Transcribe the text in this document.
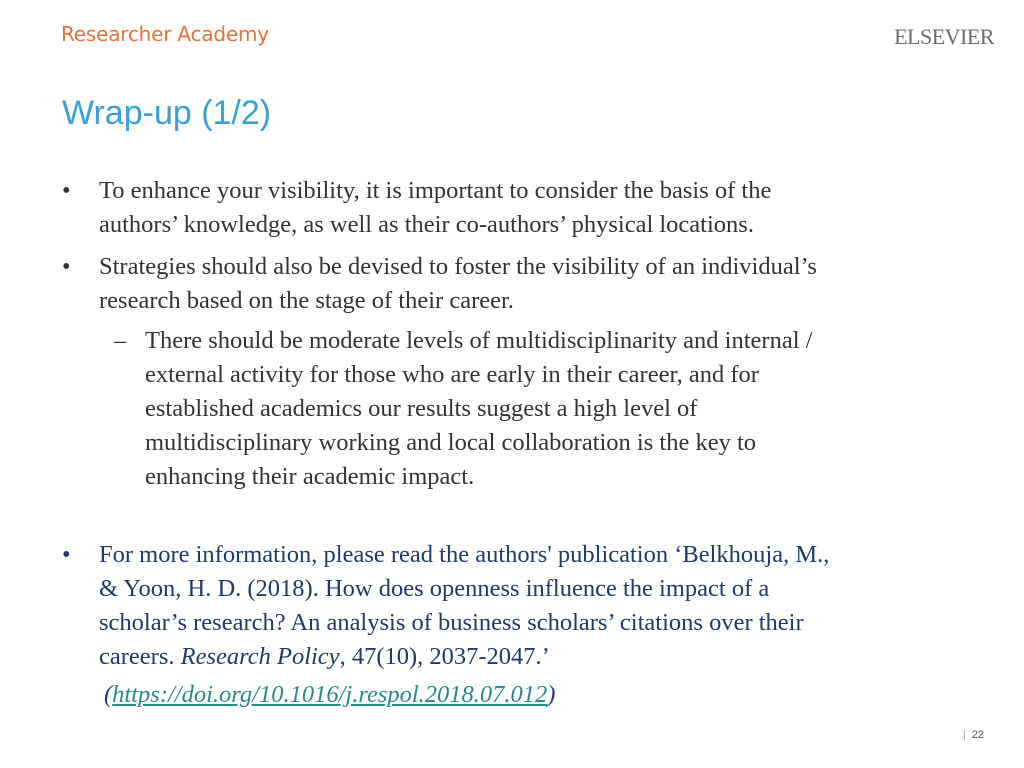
Researcher Academy	ELSEVIER
Wrap-up (1/2)
• To enhance your visibility, it is important to consider the basis of the
authors’ knowledge, as well as their co-authors’ physical locations.
• Strategies should also be devised to foster the visibility of an individual’s
research based on the stage of their career.
– There should be moderate levels of multidisciplinarity and internal /
external activity for those who are early in their career, and for
established academics our results suggest a high level of
multidisciplinary working and local collaboration is the key to
enhancing their academic impact.
• For more information, please read the authors' publication ‘Belkhouja, M.,
& Yoon, H. D. (2018). How does openness influence the impact of a
scholar’s research? An analysis of business scholars’ citations over their
careers. Research Policy, 47(10), 2037-2047.’
(https://doi.org/10.1016/j.respol.2018.07.012)
| 22
